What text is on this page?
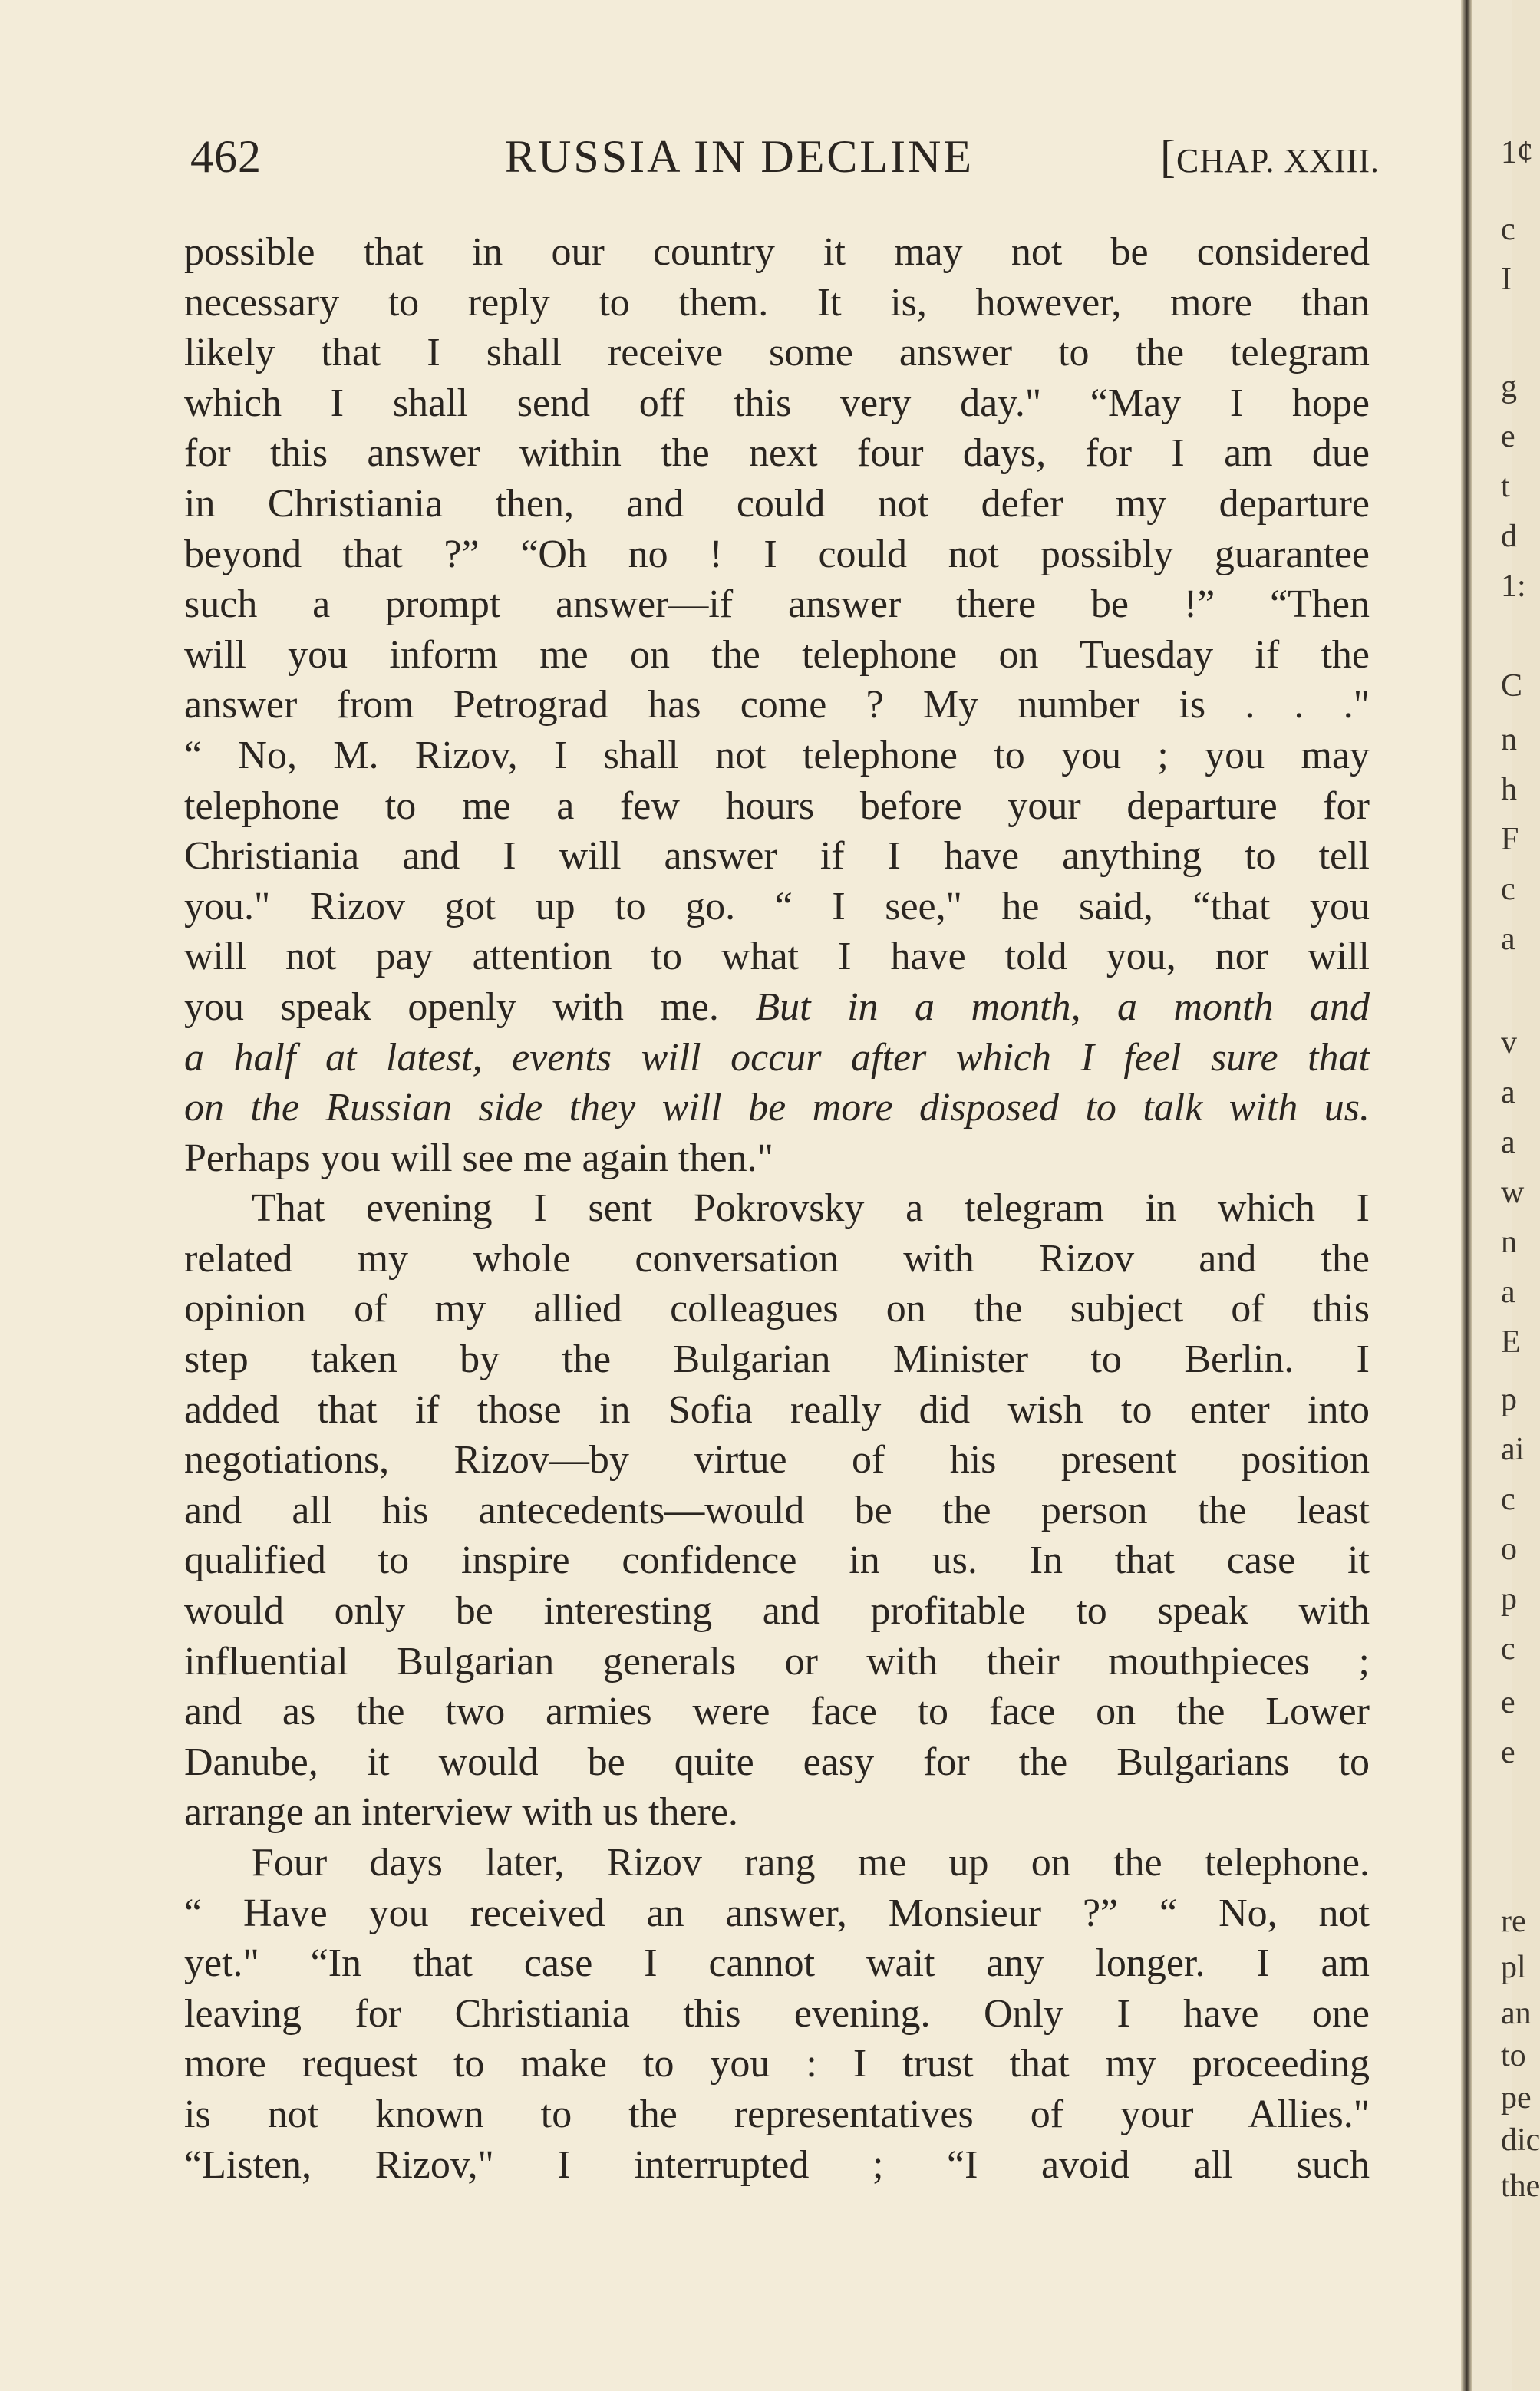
462	RUSSIA IN DECLINE	[CHAP. XXIII.
possible that in our country it may not be considered
necessary to reply to them. It is, however, more than
likely that I shall receive some answer to the telegram
which I shall send off this very day." “May I hope
for this answer within the next four days, for I am due
in Christiania then, and could not defer my departure
beyond that ?” “Oh no ! I could not possibly guarantee
such a prompt answer—if answer there be !” “Then
will you inform me on the telephone on Tuesday if the
answer from Petrograd has come ? My number is . . ."
“ No, M. Rizov, I shall not telephone to you ; you may
telephone to me a few hours before your departure for
Christiania and I will answer if I have anything to tell
you." Rizov got up to go. “ I see," he said, “that you
will not pay attention to what I have told you, nor will
you speak openly with me. But in a month, a month and
a half at latest, events will occur after which I feel sure that
on the Russian side they will be more disposed to talk with us.
Perhaps you will see me again then."
That evening I sent Pokrovsky a telegram in which I
related my whole conversation with Rizov and the
opinion of my allied colleagues on the subject of this
step taken by the Bulgarian Minister to Berlin. I
added that if those in Sofia really did wish to enter into
negotiations, Rizov—by virtue of his present position
and all his antecedents—would be the person the least
qualified to inspire confidence in us. In that case it
would only be interesting and profitable to speak with
influential Bulgarian generals or with their mouthpieces ;
and as the two armies were face to face on the Lower
Danube, it would be quite easy for the Bulgarians to
arrange an interview with us there.
Four days later, Rizov rang me up on the telephone.
“ Have you received an answer, Monsieur ?” “ No, not
yet." “In that case I cannot wait any longer. I am
leaving for Christiania this evening. Only I have one
more request to make to you : I trust that my proceeding
is not known to the representatives of your Allies."
“Listen, Rizov," I interrupted ; “I avoid all such
1¢
c
I
g
e
t
d
1:
C
n
h
F
c
a
v
a
a
w
n
a
E
p
ai
c
o
p
c
e
e
re
pl
an
to
pe
dic
the
